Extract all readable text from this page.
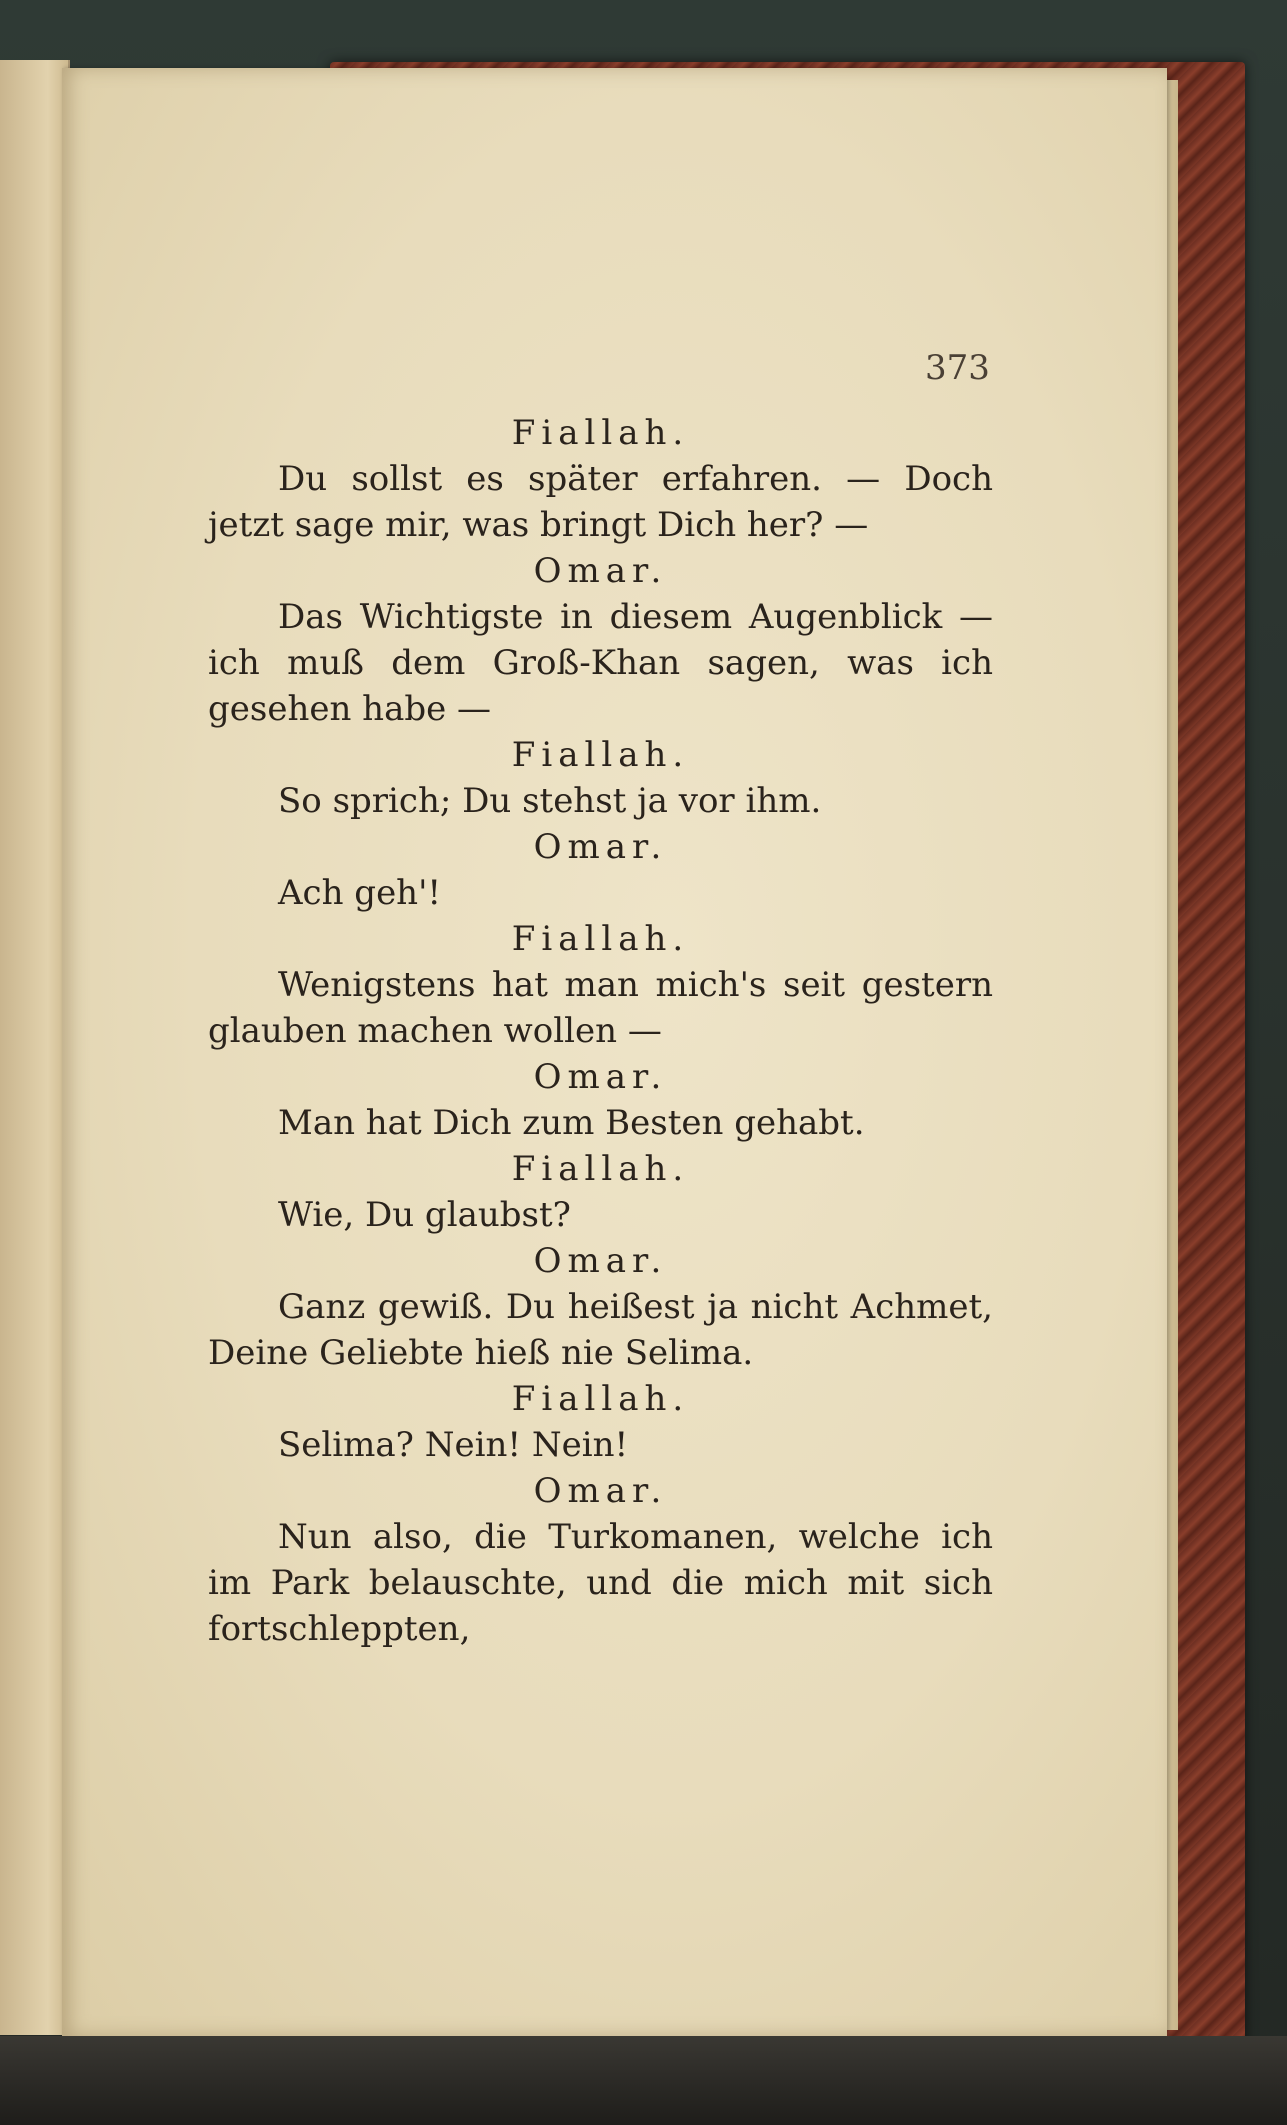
373

Fiallah.

Du sollst es später erfahren. — Doch jetzt sage mir, was bringt Dich her? —

Omar.

Das Wichtigste in diesem Augenblick — ich muß dem Groß-Khan sagen, was ich gesehen habe —

Fiallah.

So sprich; Du stehst ja vor ihm.

Omar.

Ach geh'!

Fiallah.

Wenigstens hat man mich's seit gestern glauben machen wollen —

Omar.

Man hat Dich zum Besten gehabt.

Fiallah.

Wie, Du glaubst?

Omar.

Ganz gewiß. Du heißest ja nicht Achmet, Deine Geliebte hieß nie Selima.

Fiallah.

Selima? Nein! Nein!

Omar.

Nun also, die Turkomanen, welche ich im Park belauschte, und die mich mit sich fortschleppten,
